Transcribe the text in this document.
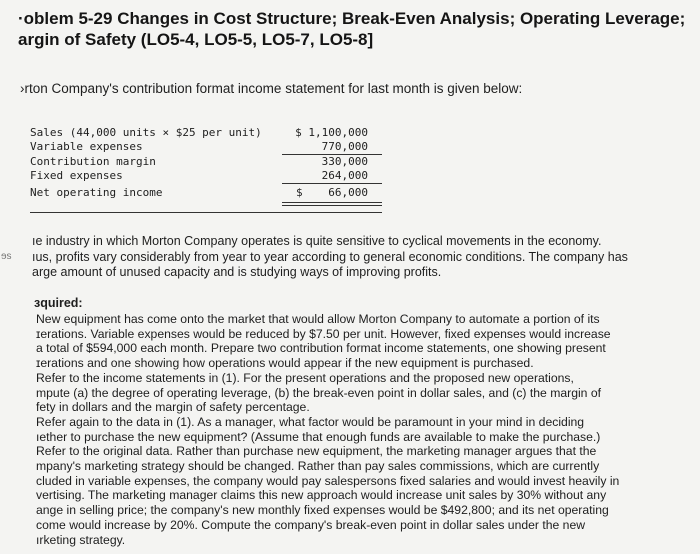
·oblem 5-29 Changes in Cost Structure; Break-Even Analysis; Operating Leverage;
argin of Safety (LO5-4, LO5-5, LO5-7, LO5-8]
›rton Company's contribution format income statement for last month is given below:
Sales (44,000 units × $25 per unit)	$ 1,100,000
Variable expenses	770,000
Contribution margin	330,000
Fixed expenses	264,000
Net operating income	$	66,000
ɘs
ıe industry in which Morton Company operates is quite sensitive to cyclical movements in the economy.
ıus, profits vary considerably from year to year according to general economic conditions. The company has
arge amount of unused capacity and is studying ways of improving profits.
ɜquired:
New equipment has come onto the market that would allow Morton Company to automate a portion of its
ɪerations. Variable expenses would be reduced by $7.50 per unit. However, fixed expenses would increase
a total of $594,000 each month. Prepare two contribution format income statements, one showing present
ɪerations and one showing how operations would appear if the new equipment is purchased.
Refer to the income statements in (1). For the present operations and the proposed new operations,
mpute (a) the degree of operating leverage, (b) the break-even point in dollar sales, and (c) the margin of
fety in dollars and the margin of safety percentage.
Refer again to the data in (1). As a manager, what factor would be paramount in your mind in deciding
ıether to purchase the new equipment? (Assume that enough funds are available to make the purchase.)
Refer to the original data. Rather than purchase new equipment, the marketing manager argues that the
mpany's marketing strategy should be changed. Rather than pay sales commissions, which are currently
cluded in variable expenses, the company would pay salespersons fixed salaries and would invest heavily in
vertising. The marketing manager claims this new approach would increase unit sales by 30% without any
ange in selling price; the company's new monthly fixed expenses would be $492,800; and its net operating
come would increase by 20%. Compute the company's break-even point in dollar sales under the new
ırketing strategy.
